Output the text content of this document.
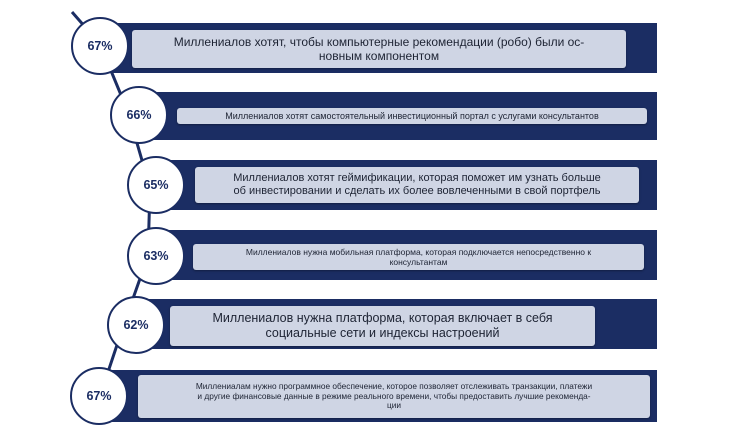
Миллениалов хотят, чтобы компьютерные рекомендации (робо) были ос-
новным компонентом
67%
Миллениалов хотят самостоятельный инвестиционный портал с услугами консультантов
66%
Миллениалов хотят геймификации, которая поможет им узнать больше
об инвестировании и сделать их более вовлеченными в свой портфель
65%
Миллениалов нужна мобильная платформа, которая подключается непосредственно к
консультантам
63%
Миллениалов нужна платформа, которая включает в себя
социальные сети и индексы настроений
62%
Миллениалам нужно программное обеспечение, которое позволяет отслеживать транзакции, платежи
и другие финансовые данные в режиме реального времени, чтобы предоставить лучшие рекоменда-
ции
67%
